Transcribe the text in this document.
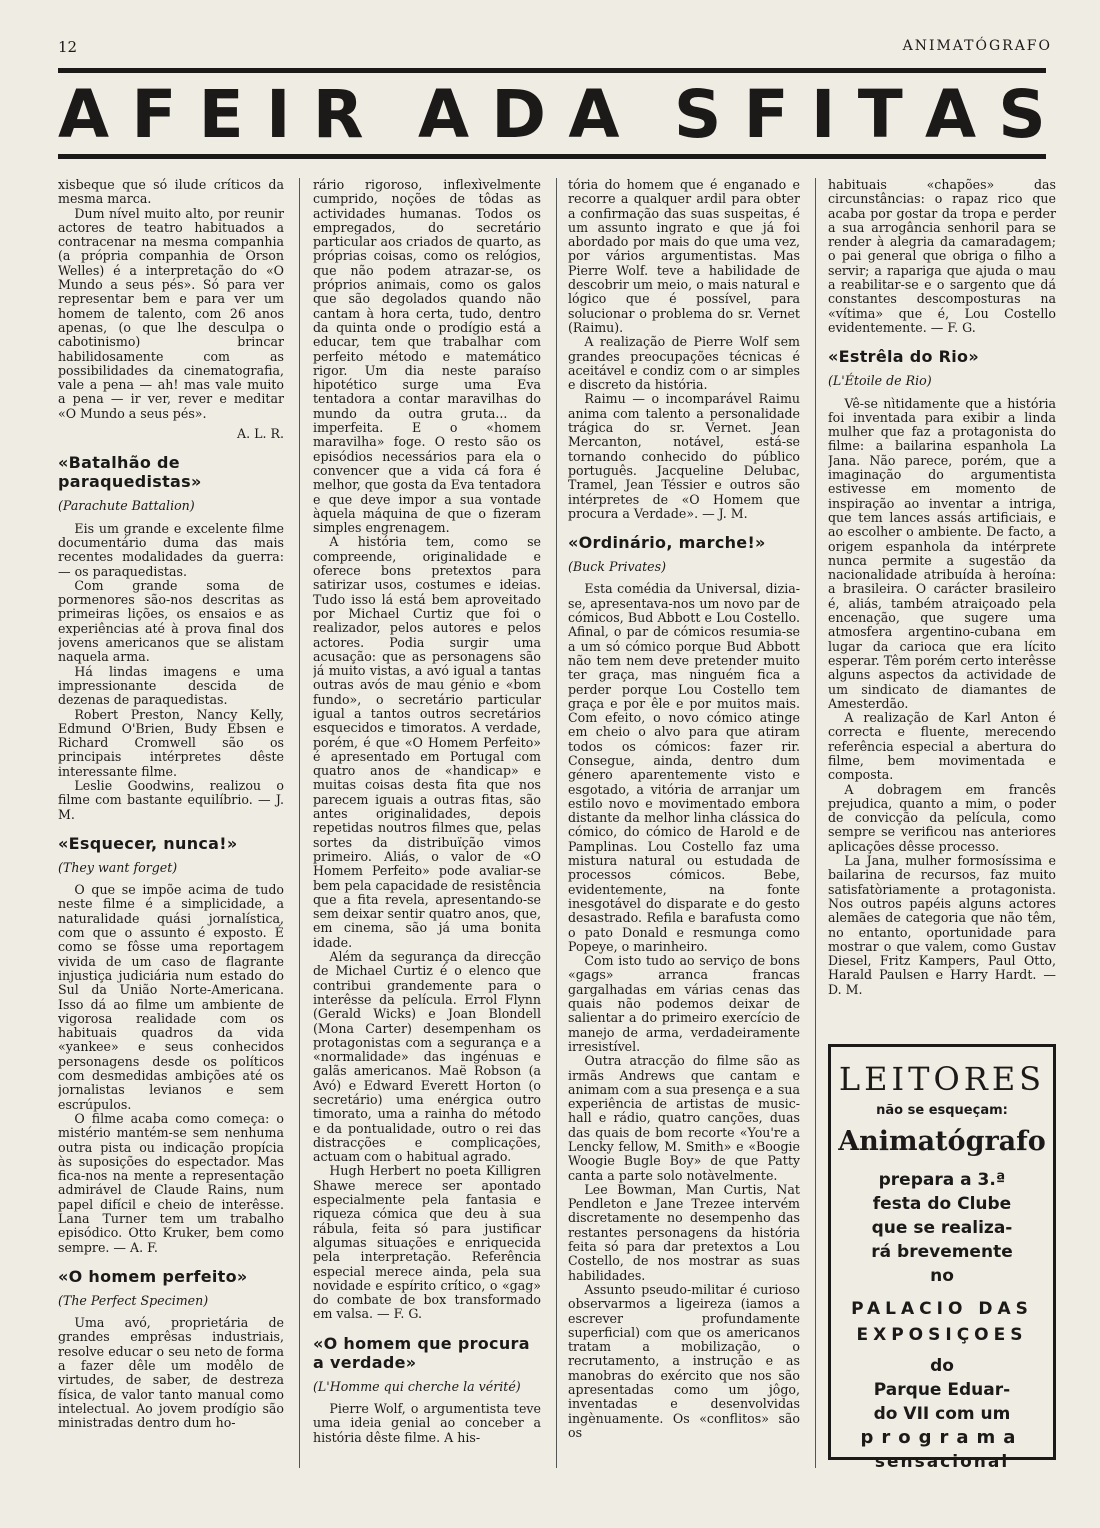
12	ANIMATÓGRAFO
A F E I R A D A S F I T A S

xisbeque que só ilude críticos da mesma marca.

Dum nível muito alto, por reunir actores de teatro habituados a contracenar na mesma companhia (a própria companhia de Orson Welles) é a interpretação do «O Mundo a seus pés». Só para ver representar bem e para ver um homem de talento, com 26 anos apenas, (o que lhe desculpa o cabotinismo) brincar habilidosamente com as possibilidades da cinematografia, vale a pena — ah! mas vale muito a pena — ir ver, rever e meditar «O Mundo a seus pés».

A. L. R.

«Batalhão de paraquedistas»

(Parachute Battalion)

Eis um grande e excelente filme documentário duma das mais recentes modalidades da guerra: — os paraquedistas.

Com grande soma de pormenores são-nos descritas as primeiras lições, os ensaios e as experiências até à prova final dos jovens americanos que se alistam naquela arma.

Há lindas imagens e uma impressionante descida de dezenas de paraquedistas.

Robert Preston, Nancy Kelly, Edmund O'Brien, Budy Ebsen e Richard Cromwell são os principais intérpretes dêste interessante filme.

Leslie Goodwins, realizou o filme com bastante equilíbrio. — J. M.

«Esquecer, nunca!»

(They want forget)

O que se impõe acima de tudo neste filme é a simplicidade, a naturalidade quási jornalística, com que o assunto é exposto. É como se fôsse uma reportagem vivida de um caso de flagrante injustiça judiciária num estado do Sul da União Norte-Americana. Isso dá ao filme um ambiente de vigorosa realidade com os habituais quadros da vida «yankee» e seus conhecidos personagens desde os políticos com desmedidas ambições até os jornalistas levianos e sem escrúpulos.

O filme acaba como começa: o mistério mantém-se sem nenhuma outra pista ou indicação propícia às suposições do espectador. Mas fica-nos na mente a representação admirável de Claude Rains, num papel difícil e cheio de interêsse. Lana Turner tem um trabalho episódico. Otto Kruker, bem como sempre. — A. F.

«O homem perfeito»

(The Perfect Specimen)

Uma avó, proprietária de grandes emprêsas industriais, resolve educar o seu neto de forma a fazer dêle um modêlo de virtudes, de saber, de destreza física, de valor tanto manual como intelectual. Ao jovem prodígio são ministradas dentro dum ho-

rário rigoroso, inflexìvelmente cumprido, noções de tôdas as actividades humanas. Todos os empregados, do secretário particular aos criados de quarto, as próprias coisas, como os relógios, que não podem atrazar-se, os próprios animais, como os galos que são degolados quando não cantam à hora certa, tudo, dentro da quinta onde o prodígio está a educar, tem que trabalhar com perfeito método e matemático rigor. Um dia neste paraíso hipotético surge uma Eva tentadora a contar maravilhas do mundo da outra gruta... da imperfeita. E o «homem maravilha» foge. O resto são os episódios necessários para ela o convencer que a vida cá fora é melhor, que gosta da Eva tentadora e que deve impor a sua vontade àquela máquina de que o fizeram simples engrenagem.

A história tem, como se compreende, originalidade e oferece bons pretextos para satirizar usos, costumes e ideias. Tudo isso lá está bem aproveitado por Michael Curtiz que foi o realizador, pelos autores e pelos actores. Podia surgir uma acusação: que as personagens são já muito vistas, a avó igual a tantas outras avós de mau génio e «bom fundo», o secretário particular igual a tantos outros secretários esquecidos e timoratos. A verdade, porém, é que «O Homem Perfeito» é apresentado em Portugal com quatro anos de «handicap» e muitas coisas desta fita que nos parecem iguais a outras fitas, são antes originalidades, depois repetidas noutros filmes que, pelas sortes da distribuïção vimos primeiro. Aliás, o valor de «O Homem Perfeito» pode avaliar-se bem pela capacidade de resistência que a fita revela, apresentando-se sem deixar sentir quatro anos, que, em cinema, são já uma bonita idade.

Além da segurança da direcção de Michael Curtiz é o elenco que contribui grandemente para o interêsse da película. Errol Flynn (Gerald Wicks) e Joan Blondell (Mona Carter) desempenham os protagonistas com a segurança e a «normalidade» das ingénuas e galãs americanos. Maë Robson (a Avó) e Edward Everett Horton (o secretário) uma enérgica outro timorato, uma a rainha do método e da pontualidade, outro o rei das distracções e complicações, actuam com o habitual agrado.

Hugh Herbert no poeta Killigren Shawe merece ser apontado especialmente pela fantasia e riqueza cómica que deu à sua rábula, feita só para justificar algumas situações e enriquecida pela interpretação. Referência especial merece ainda, pela sua novidade e espírito crítico, o «gag» do combate de box transformado em valsa. — F. G.

«O homem que procura a verdade»

(L'Homme qui cherche la vérité)

Pierre Wolf, o argumentista teve uma ideia genial ao conceber a história dêste filme. A his-

tória do homem que é enganado e recorre a qualquer ardil para obter a confirmação das suas suspeitas, é um assunto ingrato e que já foi abordado por mais do que uma vez, por vários argumentistas. Mas Pierre Wolf. teve a habilidade de descobrir um meio, o mais natural e lógico que é possível, para solucionar o problema do sr. Vernet (Raimu).

A realização de Pierre Wolf sem grandes preocupações técnicas é aceitável e condiz com o ar simples e discreto da história.

Raimu — o incomparável Raimu anima com talento a personalidade trágica do sr. Vernet. Jean Mercanton, notável, está-se tornando conhecido do público português. Jacqueline Delubac, Tramel, Jean Téssier e outros são intérpretes de «O Homem que procura a Verdade». — J. M.

«Ordinário, marche!»

(Buck Privates)

Esta comédia da Universal, dizia-se, apresentava-nos um novo par de cómicos, Bud Abbott e Lou Costello. Afinal, o par de cómicos resumia-se a um só cómico porque Bud Abbott não tem nem deve pretender muito ter graça, mas ninguém fica a perder porque Lou Costello tem graça e por êle e por muitos mais. Com efeito, o novo cómico atinge em cheio o alvo para que atiram todos os cómicos: fazer rir. Consegue, ainda, dentro dum género aparentemente visto e esgotado, a vitória de arranjar um estilo novo e movimentado embora distante da melhor linha clássica do cómico, do cómico de Harold e de Pamplinas. Lou Costello faz uma mistura natural ou estudada de processos cómicos. Bebe, evidentemente, na fonte inesgotável do disparate e do gesto desastrado. Refila e barafusta como o pato Donald e resmunga como Popeye, o marinheiro.

Com isto tudo ao serviço de bons «gags» arranca francas gargalhadas em várias cenas das quais não podemos deixar de salientar a do primeiro exercício de manejo de arma, verdadeiramente irresistível.

Outra atracção do filme são as irmãs Andrews que cantam e animam com a sua presença e a sua experiência de artistas de music-hall e rádio, quatro canções, duas das quais de bom recorte «You're a Lencky fellow, M. Smith» e «Boogie Woogie Bugle Boy» de que Patty canta a parte solo notàvelmente.

Lee Bowman, Man Curtis, Nat Pendleton e Jane Trezee intervém discretamente no desempenho das restantes personagens da história feita só para dar pretextos a Lou Costello, de nos mostrar as suas habilidades.

Assunto pseudo-militar é curioso observarmos a ligeireza (iamos a escrever profundamente superficial) com que os americanos tratam a mobilização, o recrutamento, a instrução e as manobras do exército que nos são apresentadas como um jôgo, inventadas e desenvolvidas ingènuamente. Os «conflitos» são os

habituais «chapões» das circunstâncias: o rapaz rico que acaba por gostar da tropa e perder a sua arrogância senhoril para se render à alegria da camaradagem; o pai general que obriga o filho a servir; a rapariga que ajuda o mau a reabilitar-se e o sargento que dá constantes descomposturas na «vítima» que é, Lou Costello evidentemente. — F. G.

«Estrêla do Rio»

(L'Étoile de Rio)

Vê-se nìtidamente que a história foi inventada para exibir a linda mulher que faz a protagonista do filme: a bailarina espanhola La Jana. Não parece, porém, que a imaginação do argumentista estivesse em momento de inspiração ao inventar a intriga, que tem lances assás artificiais, e ao escolher o ambiente. De facto, a origem espanhola da intérprete nunca permite a sugestão da nacionalidade atribuída à heroína: a brasileira. O carácter brasileiro é, aliás, também atraiçoado pela encenação, que sugere uma atmosfera argentino-cubana em lugar da carioca que era lícito esperar. Têm porém certo interêsse alguns aspectos da actividade de um sindicato de diamantes de Amesterdão.

A realização de Karl Anton é correcta e fluente, merecendo referência especial a abertura do filme, bem movimentada e composta.

A dobragem em francês prejudica, quanto a mim, o poder de convicção da película, como sempre se verificou nas anteriores aplicações dêsse processo.

La Jana, mulher formosíssima e bailarina de recursos, faz muito satisfatòriamente a protagonista. Nos outros papéis alguns actores alemães de categoria que não têm, no entanto, oportunidade para mostrar o que valem, como Gustav Diesel, Fritz Kampers, Paul Otto, Harald Paulsen e Harry Hardt. — D. M.

LEITORES
não se esqueçam:
Animatógrafo
prepara a 3.ª
festa do Clube
que se realiza-
rá brevemente
no
PALACIO DAS
EXPOSIÇOES
do
Parque Eduar-
do VII com um
programa
sensacional
